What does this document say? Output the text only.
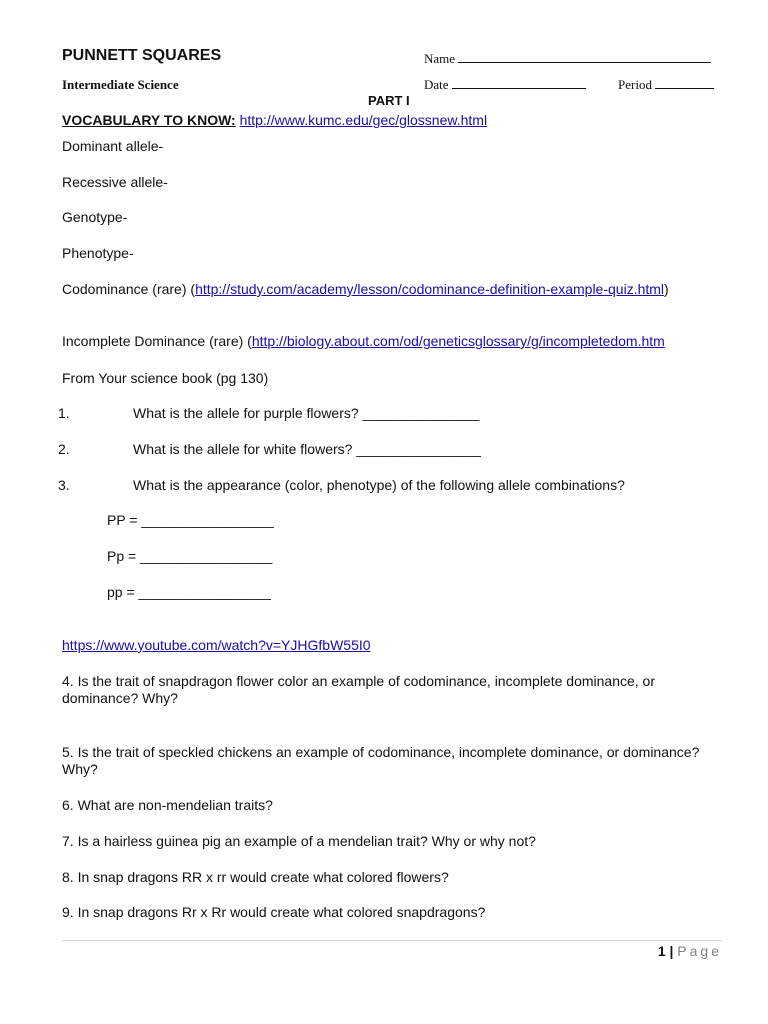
PUNNETT SQUARES
Intermediate Science
Name
Date	Period
PART I
VOCABULARY TO KNOW: http://www.kumc.edu/gec/glossnew.html
Dominant allele-
Recessive allele-
Genotype-
Phenotype-
Codominance (rare) (http://study.com/academy/lesson/codominance-definition-example-quiz.html)
Incomplete Dominance (rare) (http://biology.about.com/od/geneticsglossary/g/incompletedom.htm
From Your science book (pg 130)
1.	What is the allele for purple flowers? _______________
2.	What is the allele for white flowers? ________________
3.	What is the appearance (color, phenotype) of the following allele combinations?
PP = _________________
Pp = _________________
pp = _________________
https://www.youtube.com/watch?v=YJHGfbW55I0
4. Is the trait of snapdragon flower color an example of codominance, incomplete dominance, or dominance? Why?
5. Is the trait of speckled chickens an example of codominance, incomplete dominance, or dominance? Why?
6. What are non-mendelian traits?
7. Is a hairless guinea pig an example of a mendelian trait? Why or why not?
8. In snap dragons RR x rr would create what colored flowers?
9. In snap dragons Rr x Rr would create what colored snapdragons?
1 | Page
